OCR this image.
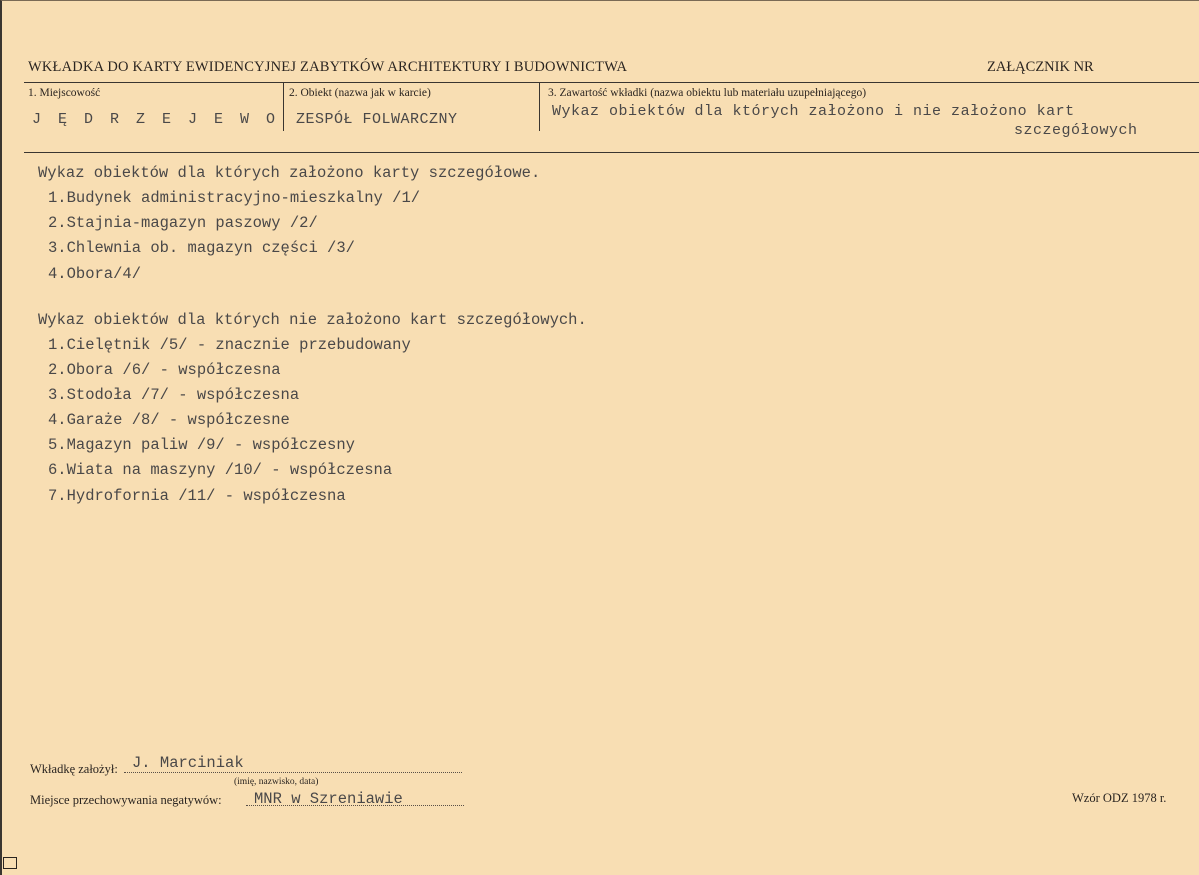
WKŁADKA DO KARTY EWIDENCYJNEJ ZABYTKÓW ARCHITEKTURY I BUDOWNICTWA	ZAŁĄCZNIK NR
1. Miejscowość
J Ę D R Z E J E W O
2. Obiekt (nazwa jak w karcie)
ZESPÓŁ FOLWARCZNY
3. Zawartość wkładki (nazwa obiektu lub materiału uzupełniającego)
Wykaz obiektów dla których założono i nie założono kart
szczegółowych
Wykaz obiektów dla których założono karty szczegółowe.
1.Budynek administracyjno-mieszkalny /1/
2.Stajnia-magazyn paszowy /2/
3.Chlewnia ob. magazyn części /3/
4.Obora/4/
Wykaz obiektów dla których nie założono kart szczegółowych.
1.Cielętnik /5/ - znacznie przebudowany
2.Obora /6/ - współczesna
3.Stodoła /7/ - współczesna
4.Garaże /8/ - współczesne
5.Magazyn paliw /9/ - współczesny
6.Wiata na maszyny /10/ - współczesna
7.Hydrofornia /11/ - współczesna
Wkładkę założył: J. Marciniak
(imię, nazwisko, data)
Miejsce przechowywania negatywów: MNR w Szreniawie	Wzór ODZ 1978 r.
